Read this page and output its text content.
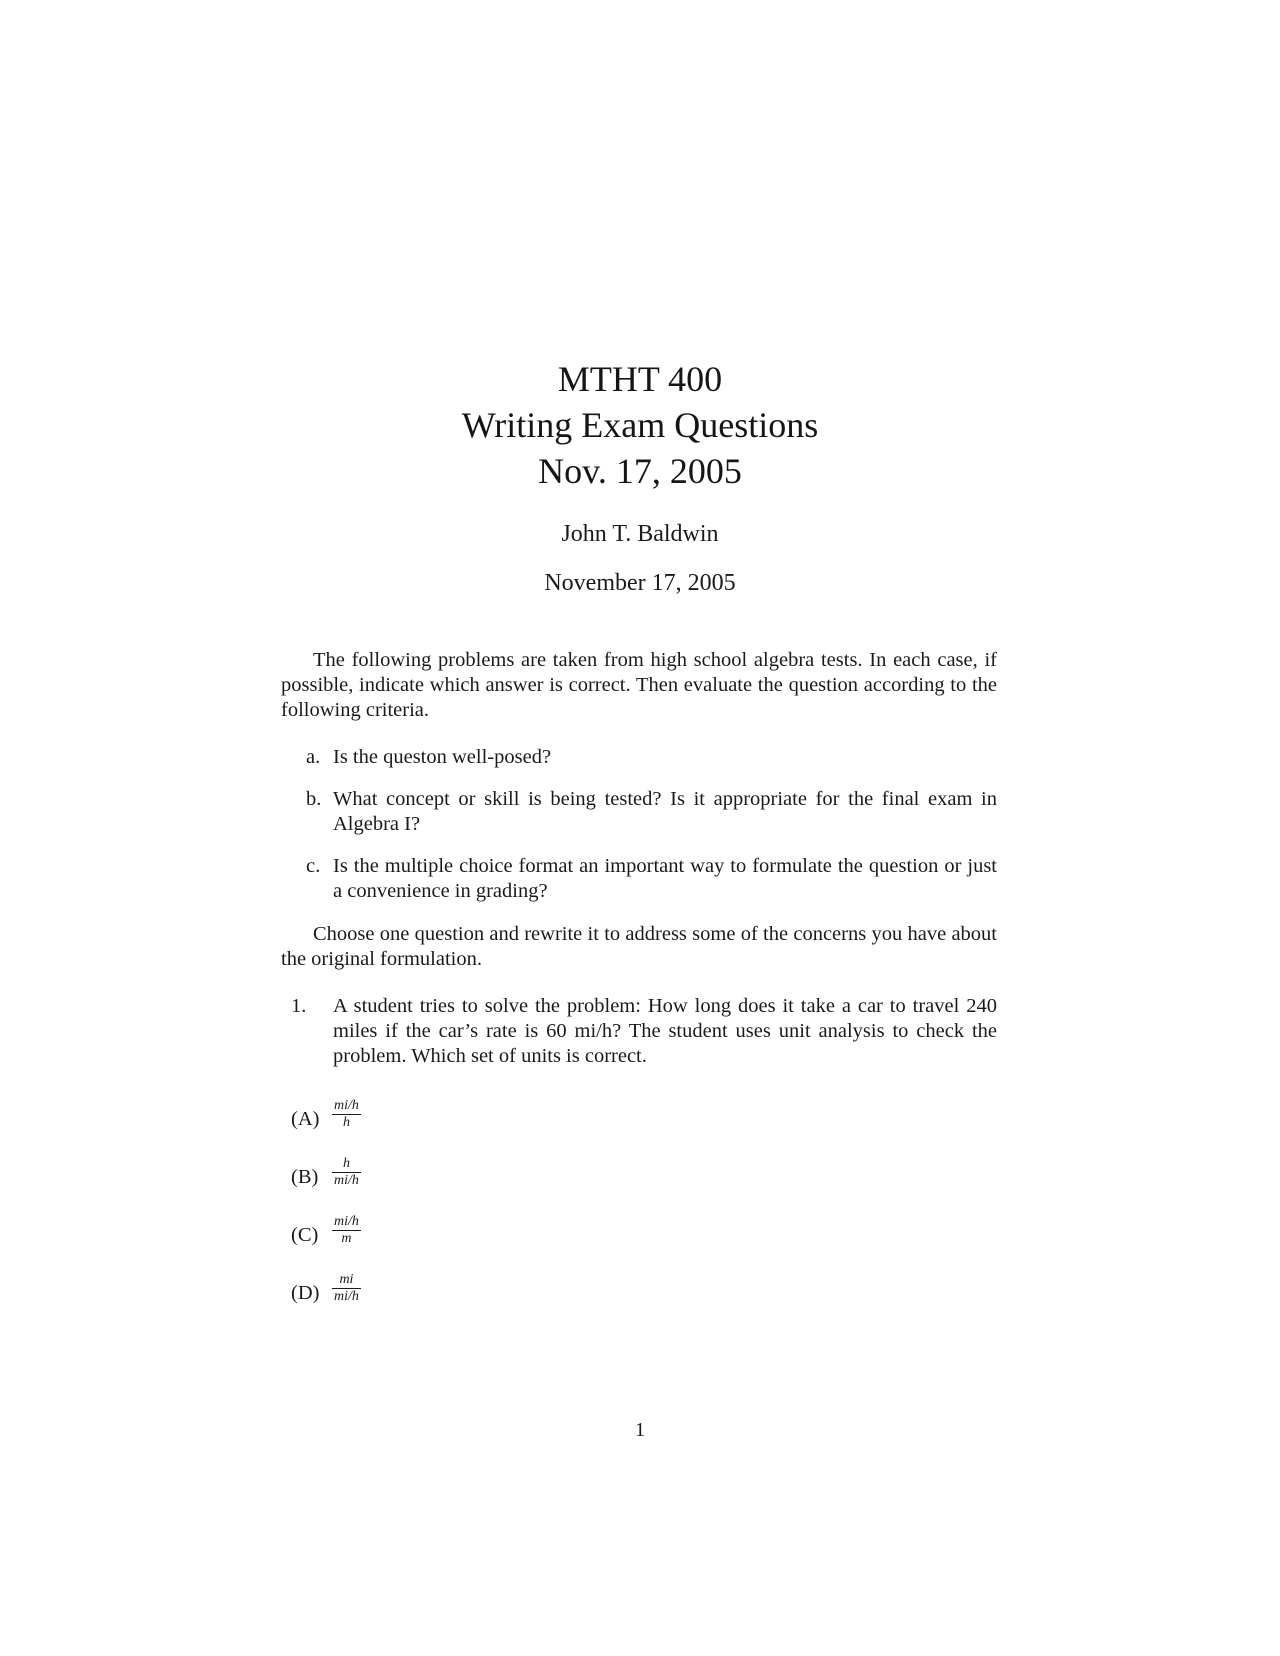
MTHT 400
Writing Exam Questions
Nov. 17, 2005
John T. Baldwin
November 17, 2005
The following problems are taken from high school algebra tests. In each case, if possible, indicate which answer is correct. Then evaluate the question according to the following criteria.
a. Is the queston well-posed?
b. What concept or skill is being tested? Is it appropriate for the final exam in Algebra I?
c. Is the multiple choice format an important way to formulate the question or just a convenience in grading?
Choose one question and rewrite it to address some of the concerns you have about the original formulation.
1. A student tries to solve the problem: How long does it take a car to travel 240 miles if the car’s rate is 60 mi/h? The student uses unit analysis to check the problem. Which set of units is correct.
$(A) \frac{mi/h}{h}$
$(B) \frac{h}{mi/h}$
$(C) \frac{mi/h}{m}$
$(D) \frac{mi}{mi/h}$
1
